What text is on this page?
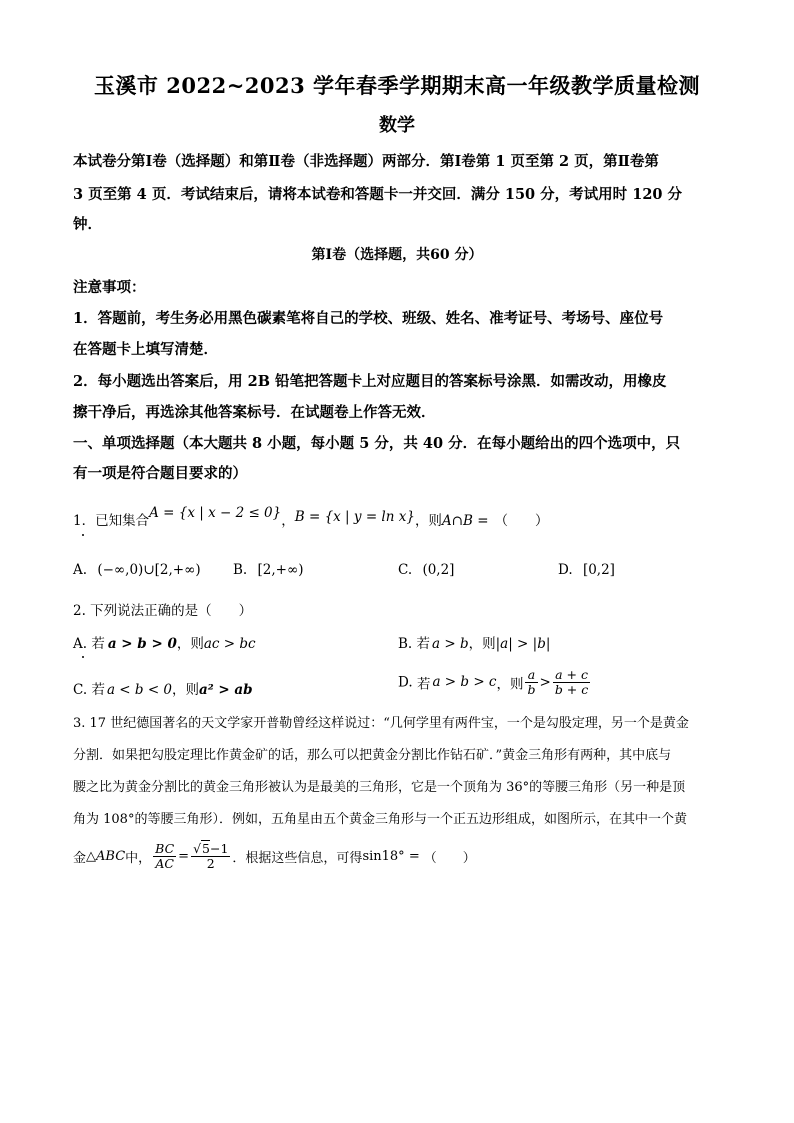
玉溪市 2022~2023 学年春季学期期末高一年级教学质量检测
数学
本试卷分第Ⅰ卷（选择题）和第Ⅱ卷（非选择题）两部分．第Ⅰ卷第 1 页至第 2 页，第Ⅱ卷第
3 页至第 4 页．考试结束后，请将本试卷和答题卡一并交回．满分 150 分，考试用时 120 分
钟．
第Ⅰ卷（选择题，共60 分）
注意事项：
1．答题前，考生务必用黑色碳素笔将自己的学校、班级、姓名、准考证号、考场号、座位号
在答题卡上填写清楚．
2．每小题选出答案后，用 2B 铅笔把答题卡上对应题目的答案标号涂黑．如需改动，用橡皮
擦干净后，再选涂其他答案标号．在试题卷上作答无效．
一、单项选择题（本大题共 8 小题，每小题 5 分，共 40 分．在每小题给出的四个选项中，只
有一项是符合题目要求的）
1．已知集合A = {x | x − 2 ≤ 0}，B = {x | y = ln x}，则A∩B = （　　）
A. (−∞,0)∪[2,+∞) B. [2,+∞)	C. (0,2]	D. [0,2]
2. 下列说法正确的是（　　）
A. 若 a > b > 0，则ac > bc	B. 若 a > b，则|a| > |b|
C. 若 a < b < 0，则a² > ab	D. 若 a > b > c，则 $\frac{a}{b} > \frac{a + c}{b + c}$
3. 17 世纪德国著名的天文学家开普勒曾经这样说过：“几何学里有两件宝，一个是勾股定理，另一个是黄金
分割．如果把勾股定理比作黄金矿的话，那么可以把黄金分割比作钻石矿．”黄金三角形有两种，其中底与
腰之比为黄金分割比的黄金三角形被认为是最美的三角形，它是一个顶角为 36°的等腰三角形（另一种是顶
角为 108°的等腰三角形）．例如，五角星由五个黄金三角形与一个正五边形组成，如图所示，在其中一个黄
金△ABC中， $\frac{BC}{AC} = \frac{√5-1}{2}$ ．根据这些信息，可得sin18° = （　　）
